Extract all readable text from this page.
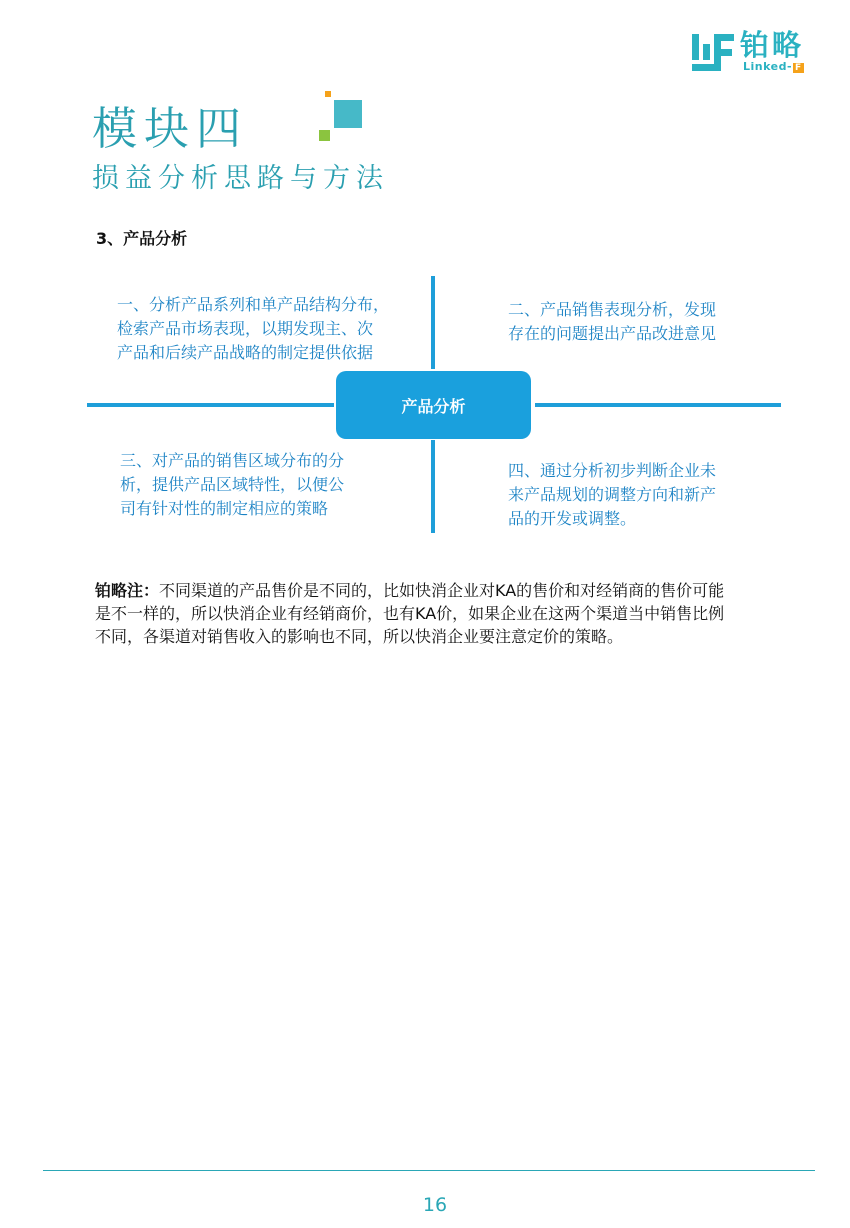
铂略
Linked- F
模块四
损益分析思路与方法
3、产品分析
产品分析
一、分析产品系列和单产品结构分布，
检索产品市场表现，以期发现主、次
产品和后续产品战略的制定提供依据
二、产品销售表现分析，发现
存在的问题提出产品改进意见
三、对产品的销售区域分布的分
析，提供产品区域特性，以便公
司有针对性的制定相应的策略
四、通过分析初步判断企业未
来产品规划的调整方向和新产
品的开发或调整。
铂略注：不同渠道的产品售价是不同的，比如快消企业对KA的售价和对经销商的售价可能
是不一样的，所以快消企业有经销商价，也有KA价，如果企业在这两个渠道当中销售比例
不同，各渠道对销售收入的影响也不同，所以快消企业要注意定价的策略。
16
